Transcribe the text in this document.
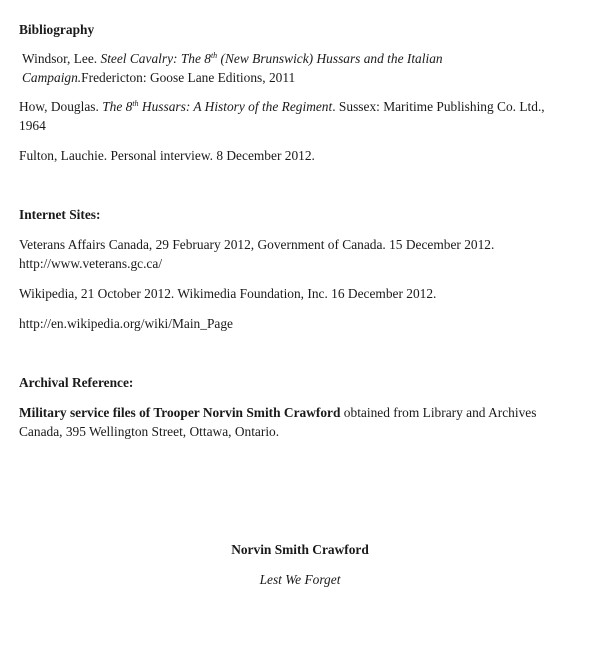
Bibliography

Windsor, Lee. Steel Cavalry: The 8th (New Brunswick) Hussars and the Italian Campaign.Fredericton: Goose Lane Editions, 2011

How, Douglas. The 8th Hussars: A History of the Regiment. Sussex: Maritime Publishing Co. Ltd., 1964

Fulton, Lauchie. Personal interview. 8 December 2012.

Internet Sites:

Veterans Affairs Canada, 29 February 2012, Government of Canada. 15 December 2012. http://www.veterans.gc.ca/

Wikipedia, 21 October 2012. Wikimedia Foundation, Inc. 16 December 2012.

http://en.wikipedia.org/wiki/Main_Page

Archival Reference:

Military service files of Trooper Norvin Smith Crawford obtained from Library and Archives Canada, 395 Wellington Street, Ottawa, Ontario.

Norvin Smith Crawford

Lest We Forget
